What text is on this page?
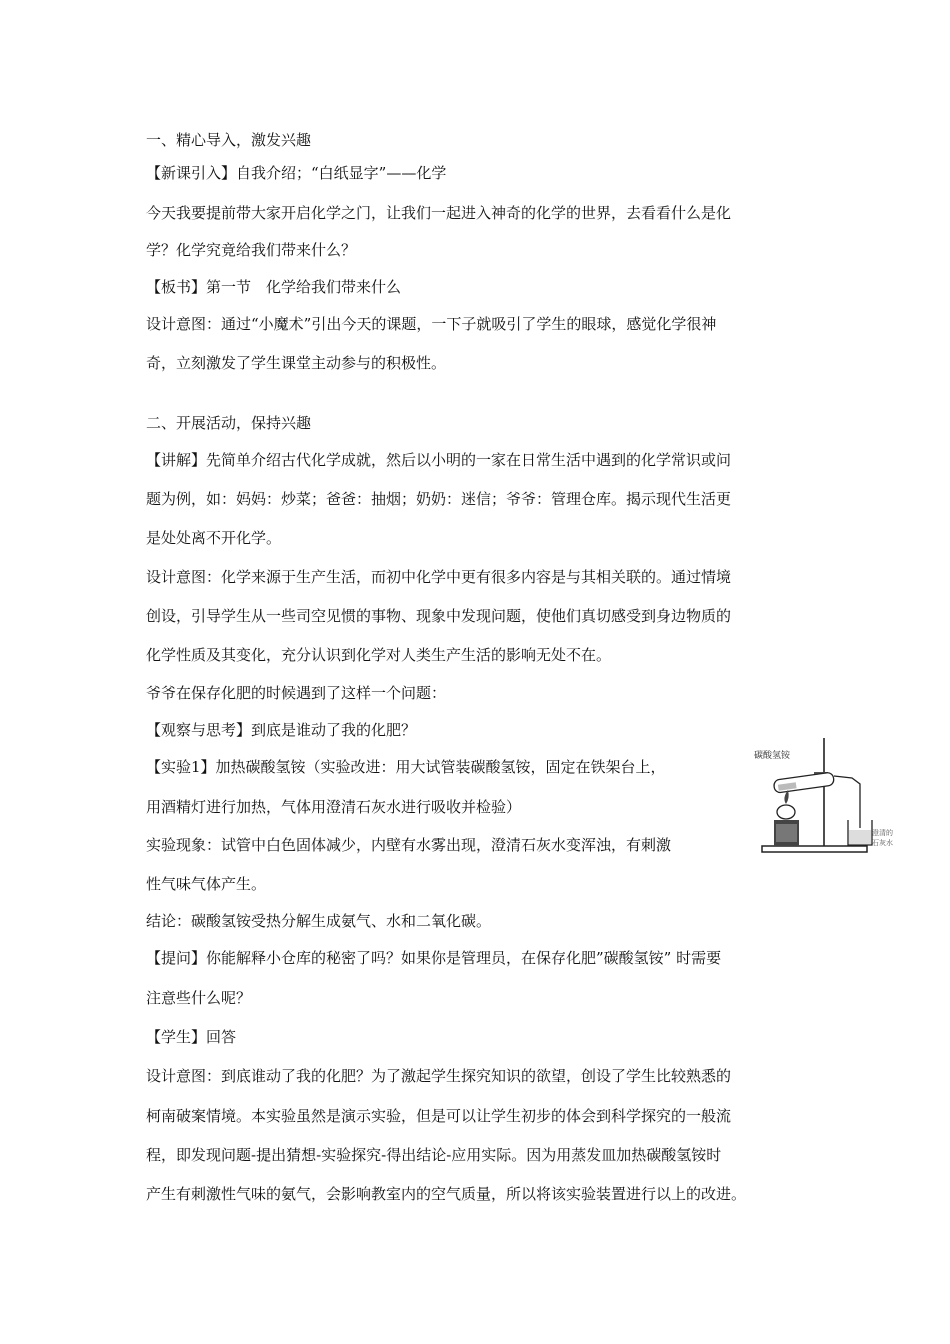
一、精心导入，激发兴趣
【新课引入】自我介绍；“白纸显字”——化学
今天我要提前带大家开启化学之门，让我们一起进入神奇的化学的世界，去看看什么是化
学？化学究竟给我们带来什么？
【板书】第一节　化学给我们带来什么
设计意图：通过“小魔术”引出今天的课题，一下子就吸引了学生的眼球，感觉化学很神
奇，立刻激发了学生课堂主动参与的积极性。
二、开展活动，保持兴趣
【讲解】先简单介绍古代化学成就，然后以小明的一家在日常生活中遇到的化学常识或问
题为例，如：妈妈：炒菜；爸爸：抽烟；奶奶：迷信；爷爷：管理仓库。揭示现代生活更
是处处离不开化学。
设计意图：化学来源于生产生活，而初中化学中更有很多内容是与其相关联的。通过情境
创设，引导学生从一些司空见惯的事物、现象中发现问题，使他们真切感受到身边物质的
化学性质及其变化，充分认识到化学对人类生产生活的影响无处不在。
爷爷在保存化肥的时候遇到了这样一个问题：
【观察与思考】到底是谁动了我的化肥？
【实验1】加热碳酸氢铵（实验改进：用大试管装碳酸氢铵，固定在铁架台上，
用酒精灯进行加热，气体用澄清石灰水进行吸收并检验）
实验现象：试管中白色固体减少，内壁有水雾出现，澄清石灰水变浑浊，有刺激
性气味气体产生。
结论：碳酸氢铵受热分解生成氨气、水和二氧化碳。
【提问】你能解释小仓库的秘密了吗？如果你是管理员，在保存化肥”碳酸氢铵” 时需要
注意些什么呢？
【学生】回答
设计意图：到底谁动了我的化肥？为了激起学生探究知识的欲望，创设了学生比较熟悉的
柯南破案情境。本实验虽然是演示实验，但是可以让学生初步的体会到科学探究的一般流
程，即发现问题-提出猜想-实验探究-得出结论-应用实际。因为用蒸发皿加热碳酸氢铵时
产生有刺激性气味的氨气，会影响教室内的空气质量，所以将该实验装置进行以上的改进。
碳酸氢铵
澄清的
石灰水
